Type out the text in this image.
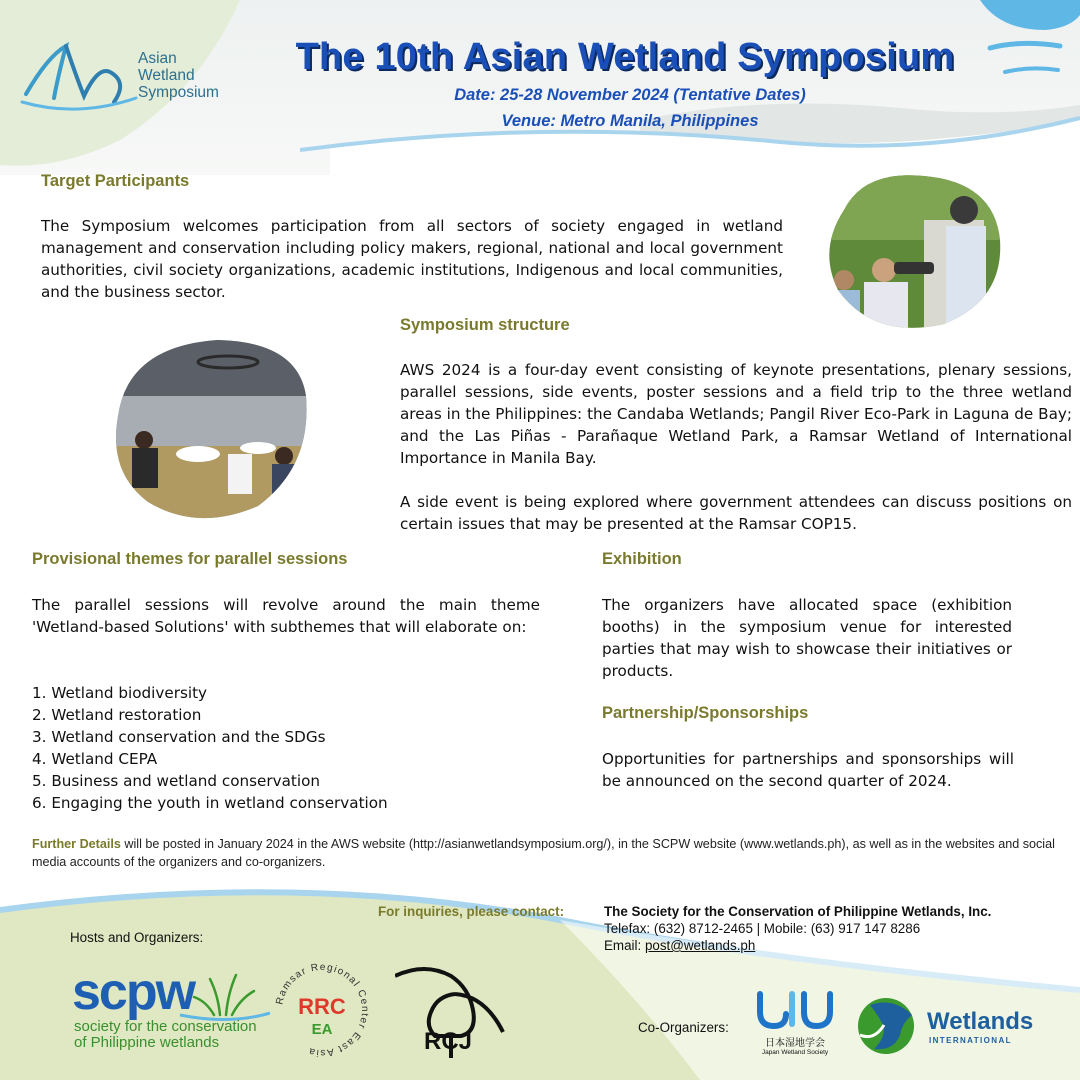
Asian
Wetland
Symposium
The 10th Asian Wetland Symposium
Date: 25-28 November 2024 (Tentative Dates)
Venue: Metro Manila, Philippines
Target Participants

The Symposium welcomes participation from all sectors of society engaged in wetland management and conservation including policy makers, regional, national and local government authorities, civil society organizations, academic institutions, Indigenous and local communities, and the business sector.

Symposium structure

AWS 2024 is a four-day event consisting of keynote presentations, plenary sessions, parallel sessions, side events, poster sessions and a field trip to the three wetland areas in the Philippines: the Candaba Wetlands; Pangil River Eco-Park in Laguna de Bay; and the Las Piñas - Parañaque Wetland Park, a Ramsar Wetland of International Importance in Manila Bay.

A side event is being explored where government attendees can discuss positions on certain issues that may be presented at the Ramsar COP15.

Provisional themes for parallel sessions

The parallel sessions will revolve around the main theme 'Wetland-based Solutions' with subthemes that will elaborate on:

1. Wetland biodiversity
2. Wetland restoration
3. Wetland conservation and the SDGs
4. Wetland CEPA
5. Business and wetland conservation
6. Engaging the youth in wetland conservation
Exhibition

The organizers have allocated space (exhibition booths) in the symposium venue for interested parties that may wish to showcase their initiatives or products.

Partnership/Sponsorships

Opportunities for partnerships and sponsorships will be announced on the second quarter of 2024.

Further Details will be posted in January 2024 in the AWS website (http://asianwetlandsymposium.org/), in the SCPW website (www.wetlands.ph), as well as in the websites and social media accounts of the organizers and co-organizers.

For inquiries, please contact:	The Society for the Conservation of Philippine Wetlands, Inc.
Telefax: (632) 8712-2465 | Mobile: (63) 917 147 8286
Email: post@wetlands.ph
Hosts and Organizers:
scpw
society for the conservation
of Philippine wetlands
Ramsar Regional Center East Asia
RRC
EA	RCJ
Co-Organizers:
日本湿地学会
Japan Wetland Society
Wetlands
INTERNATIONAL
